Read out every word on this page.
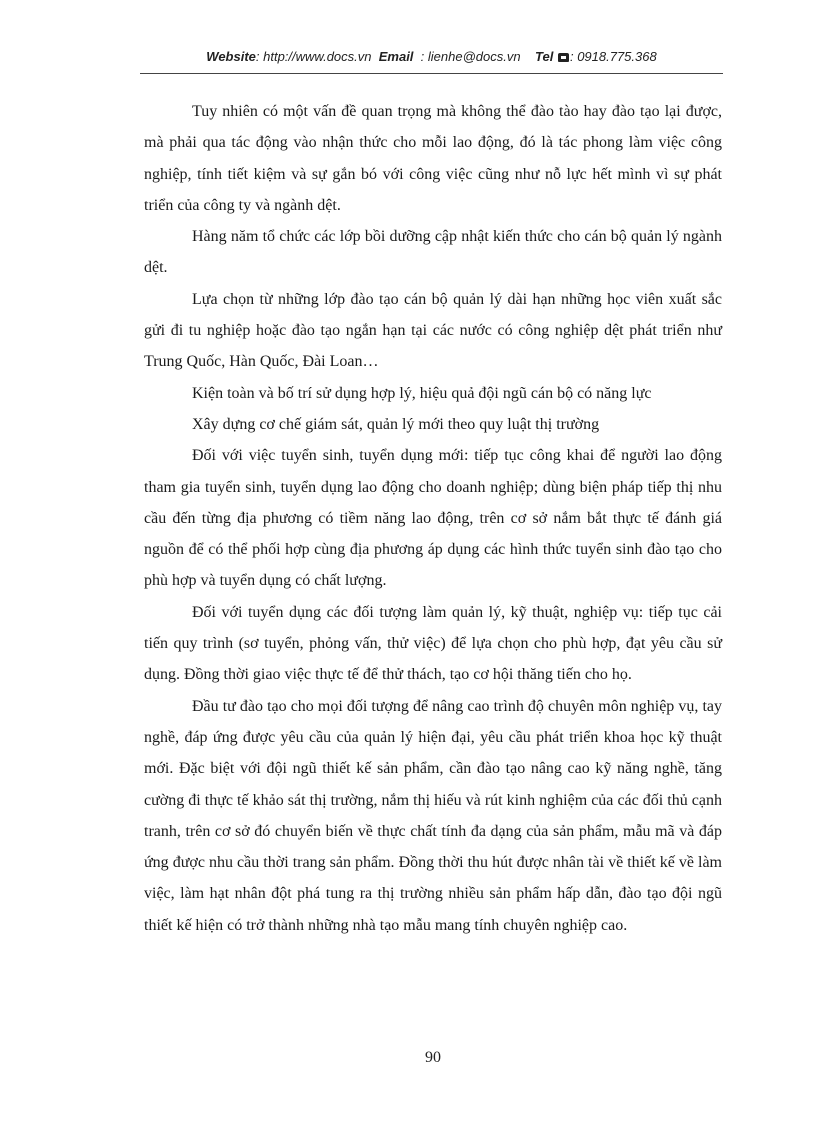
Website: http://www.docs.vn Email : lienhe@docs.vn Tel : 0918.775.368

Tuy nhiên có một vấn đề quan trọng mà không thể đào tào hay đào tạo lại được, mà phải qua tác động vào nhận thức cho mỗi lao động, đó là tác phong làm việc công nghiệp, tính tiết kiệm và sự gắn bó với công việc cũng như nỗ lực hết mình vì sự phát triển của công ty và ngành dệt.

Hàng năm tổ chức các lớp bồi dưỡng cập nhật kiến thức cho cán bộ quản lý ngành dệt.

Lựa chọn từ những lớp đào tạo cán bộ quản lý dài hạn những học viên xuất sắc gửi đi tu nghiệp hoặc đào tạo ngắn hạn tại các nước có công nghiệp dệt phát triển như Trung Quốc, Hàn Quốc, Đài Loan…

Kiện toàn và bố trí sử dụng hợp lý, hiệu quả đội ngũ cán bộ có năng lực

Xây dựng cơ chế giám sát, quản lý mới theo quy luật thị trường

Đối với việc tuyển sinh, tuyển dụng mới: tiếp tục công khai để người lao động tham gia tuyển sinh, tuyển dụng lao động cho doanh nghiệp; dùng biện pháp tiếp thị nhu cầu đến từng địa phương có tiềm năng lao động, trên cơ sở nắm bắt thực tế đánh giá nguồn để có thể phối hợp cùng địa phương áp dụng các hình thức tuyển sinh đào tạo cho phù hợp và tuyển dụng có chất lượng.

Đối với tuyển dụng các đối tượng làm quản lý, kỹ thuật, nghiệp vụ: tiếp tục cải tiến quy trình (sơ tuyển, phỏng vấn, thử việc) để lựa chọn cho phù hợp, đạt yêu cầu sử dụng. Đồng thời giao việc thực tế để thử thách, tạo cơ hội thăng tiến cho họ.

Đầu tư đào tạo cho mọi đối tượng để nâng cao trình độ chuyên môn nghiệp vụ, tay nghề, đáp ứng được yêu cầu của quản lý hiện đại, yêu cầu phát triển khoa học kỹ thuật mới. Đặc biệt với đội ngũ thiết kế sản phẩm, cần đào tạo nâng cao kỹ năng nghề, tăng cường đi thực tế khảo sát thị trường, nắm thị hiếu và rút kinh nghiệm của các đối thủ cạnh tranh, trên cơ sở đó chuyển biến về thực chất tính đa dạng của sản phẩm, mẫu mã và đáp ứng được nhu cầu thời trang sản phẩm. Đồng thời thu hút được nhân tài về thiết kế về làm việc, làm hạt nhân đột phá tung ra thị trường nhiều sản phẩm hấp dẫn, đào tạo đội ngũ thiết kế hiện có trở thành những nhà tạo mẫu mang tính chuyên nghiệp cao.

90
